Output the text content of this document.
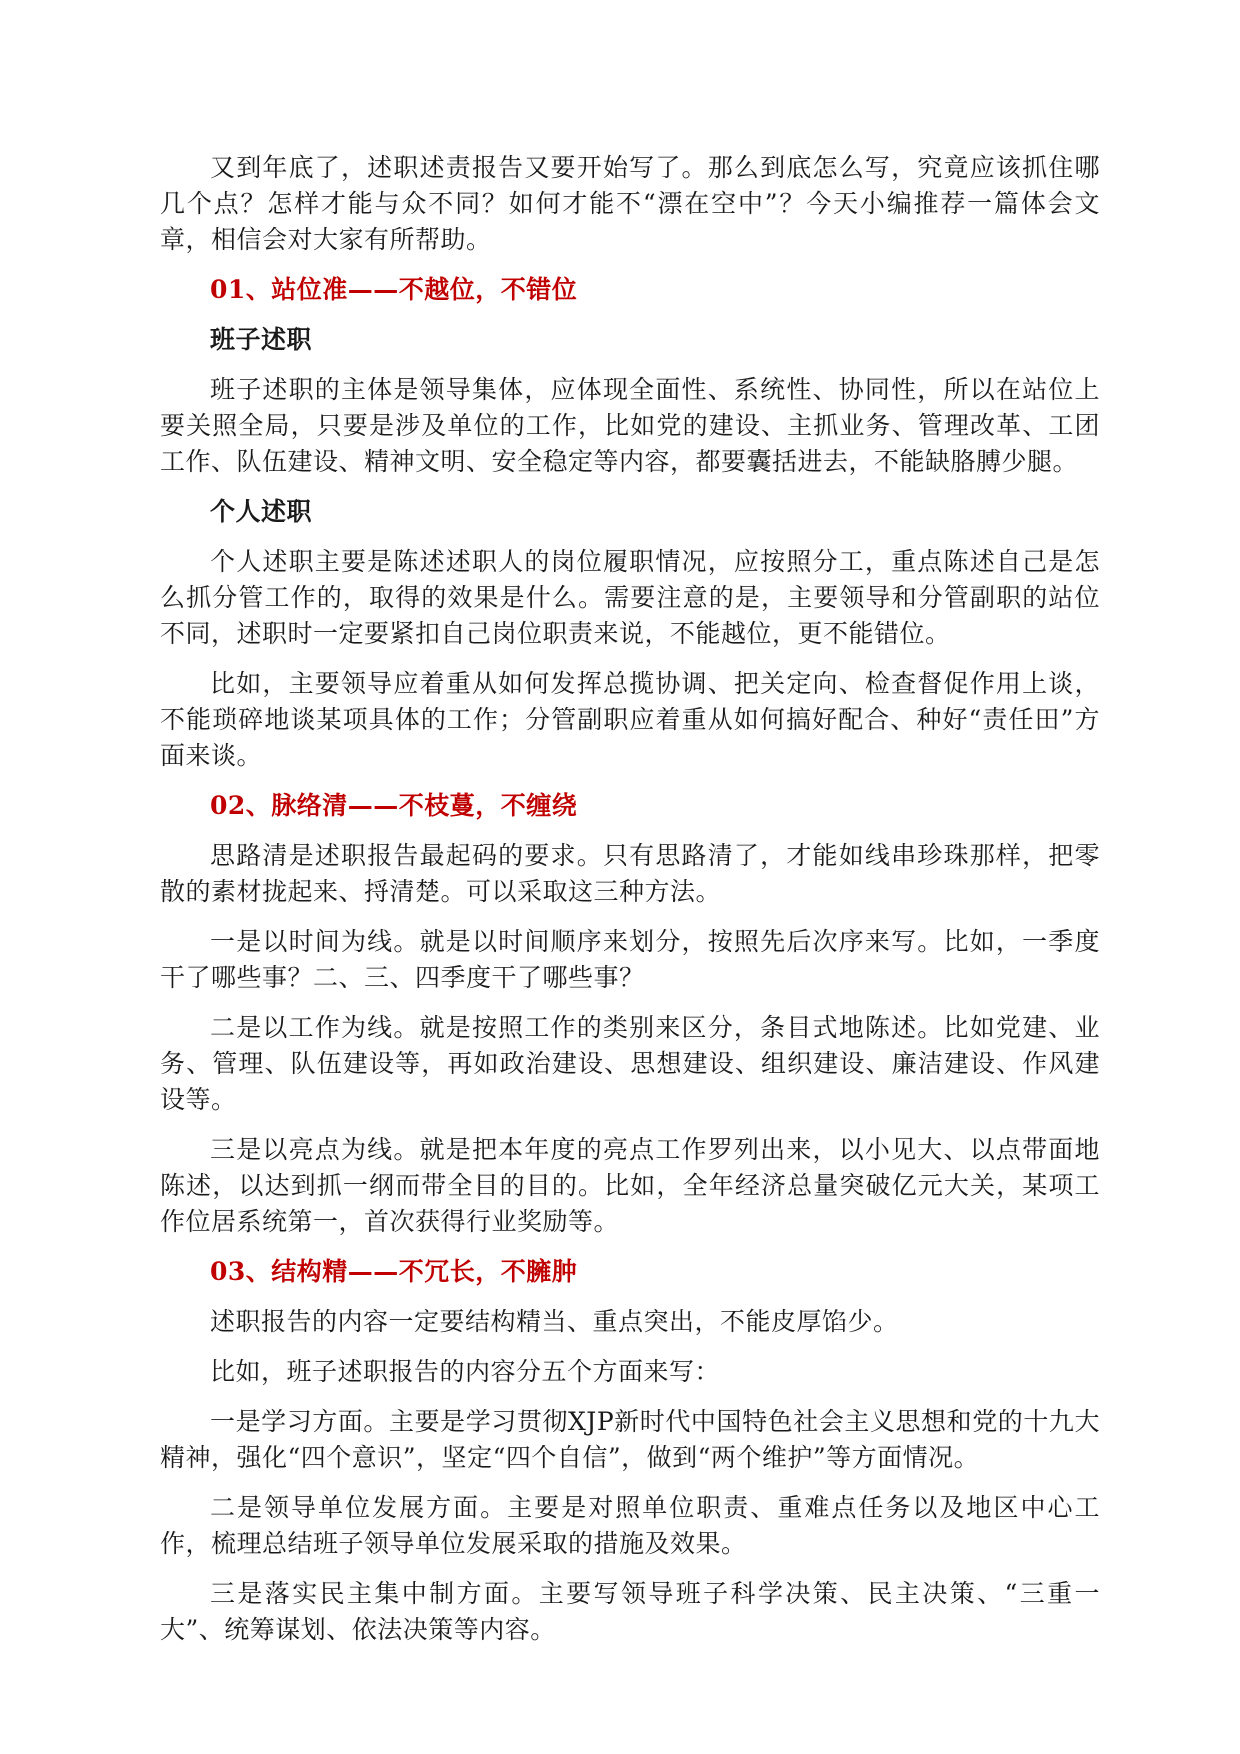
又到年底了，述职述责报告又要开始写了。那么到底怎么写，究竟应该抓住哪几个点？怎样才能与众不同？如何才能不“漂在空中”？今天小编推荐一篇体会文章，相信会对大家有所帮助。

01、站位准——不越位，不错位

班子述职

班子述职的主体是领导集体，应体现全面性、系统性、协同性，所以在站位上要关照全局，只要是涉及单位的工作，比如党的建设、主抓业务、管理改革、工团工作、队伍建设、精神文明、安全稳定等内容，都要囊括进去，不能缺胳膊少腿。

个人述职

个人述职主要是陈述述职人的岗位履职情况，应按照分工，重点陈述自己是怎么抓分管工作的，取得的效果是什么。需要注意的是，主要领导和分管副职的站位不同，述职时一定要紧扣自己岗位职责来说，不能越位，更不能错位。

比如，主要领导应着重从如何发挥总揽协调、把关定向、检查督促作用上谈，不能琐碎地谈某项具体的工作；分管副职应着重从如何搞好配合、种好“责任田”方面来谈。

02、脉络清——不枝蔓，不缠绕

思路清是述职报告最起码的要求。只有思路清了，才能如线串珍珠那样，把零散的素材拢起来、捋清楚。可以采取这三种方法。

一是以时间为线。就是以时间顺序来划分，按照先后次序来写。比如，一季度干了哪些事？二、三、四季度干了哪些事？

二是以工作为线。就是按照工作的类别来区分，条目式地陈述。比如党建、业务、管理、队伍建设等，再如政治建设、思想建设、组织建设、廉洁建设、作风建设等。

三是以亮点为线。就是把本年度的亮点工作罗列出来，以小见大、以点带面地陈述，以达到抓一纲而带全目的目的。比如，全年经济总量突破亿元大关，某项工作位居系统第一，首次获得行业奖励等。

03、结构精——不冗长，不臃肿

述职报告的内容一定要结构精当、重点突出，不能皮厚馅少。

比如，班子述职报告的内容分五个方面来写：

一是学习方面。主要是学习贯彻XJP新时代中国特色社会主义思想和党的十九大精神，强化“四个意识”，坚定“四个自信”，做到“两个维护”等方面情况。

二是领导单位发展方面。主要是对照单位职责、重难点任务以及地区中心工作，梳理总结班子领导单位发展采取的措施及效果。

三是落实民主集中制方面。主要写领导班子科学决策、民主决策、“三重一大”、统筹谋划、依法决策等内容。
